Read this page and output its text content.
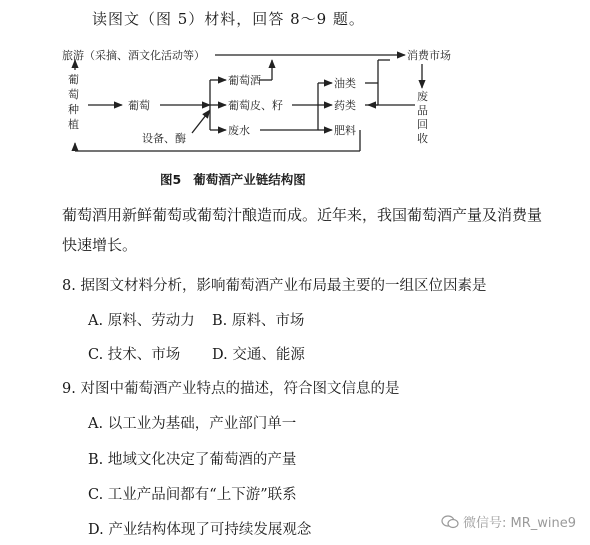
读图文（图 5）材料，回答 8～9 题。
旅游（采摘、酒文化活动等）	消费市场
葡
萄
种
植
葡萄
葡萄酒
葡萄皮、籽
废水
设备、酶
油类
药类
肥料
废
品
回
收
图5 葡萄酒产业链结构图
葡萄酒用新鲜葡萄或葡萄汁酿造而成。近年来，我国葡萄酒产量及消费量快速增长。
8. 据图文材料分析，影响葡萄酒产业布局最主要的一组区位因素是
A. 原料、劳动力 B. 原料、市场
C. 技术、市场 D. 交通、能源
9. 对图中葡萄酒产业特点的描述，符合图文信息的是
A. 以工业为基础，产业部门单一
B. 地域文化决定了葡萄酒的产量
C. 工业产品间都有“上下游”联系
D. 产业结构体现了可持续发展观念	微信号: MR_wine9
